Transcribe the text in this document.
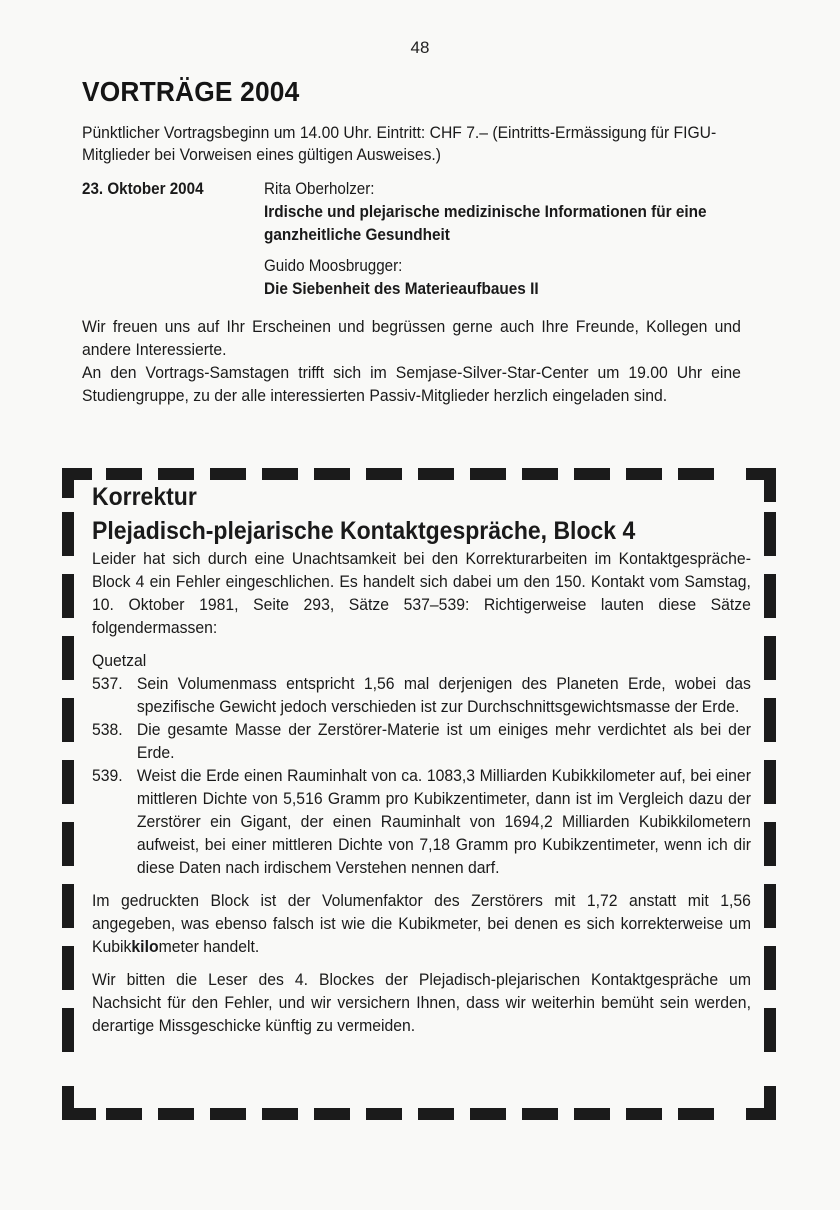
48
VORTRÄGE 2004

Pünktlicher Vortragsbeginn um 14.00 Uhr. Eintritt: CHF 7.– (Eintritts-Ermässigung für FIGU-Mitglieder bei Vorweisen eines gültigen Ausweises.)

23. Oktober 2004	Rita Oberholzer:
Irdische und plejarische medizinische Informationen für eine ganzheitliche Gesundheit
Guido Moosbrugger:
Die Siebenheit des Materieaufbaues II

Wir freuen uns auf Ihr Erscheinen und begrüssen gerne auch Ihre Freunde, Kollegen und andere Interessierte.

An den Vortrags-Samstagen trifft sich im Semjase-Silver-Star-Center um 19.00 Uhr eine Studiengruppe, zu der alle interessierten Passiv-Mitglieder herzlich eingeladen sind.

Korrektur
Plejadisch-plejarische Kontaktgespräche, Block 4

Leider hat sich durch eine Unachtsamkeit bei den Korrekturarbeiten im Kontaktgespräche-Block 4 ein Fehler eingeschlichen. Es handelt sich dabei um den 150. Kontakt vom Samstag, 10. Oktober 1981, Seite 293, Sätze 537–539: Richtigerweise lauten diese Sätze folgendermassen:

Quetzal
537. Sein Volumenmass entspricht 1,56 mal derjenigen des Planeten Erde, wobei das spezifische Gewicht jedoch verschieden ist zur Durchschnittsgewichtsmasse der Erde.
538. Die gesamte Masse der Zerstörer-Materie ist um einiges mehr verdichtet als bei der Erde.
539. Weist die Erde einen Rauminhalt von ca. 1083,3 Milliarden Kubikkilometer auf, bei einer mittleren Dichte von 5,516 Gramm pro Kubikzentimeter, dann ist im Vergleich dazu der Zerstörer ein Gigant, der einen Rauminhalt von 1694,2 Milliarden Kubikkilometern aufweist, bei einer mittleren Dichte von 7,18 Gramm pro Kubikzentimeter, wenn ich dir diese Daten nach irdischem Verstehen nennen darf.

Im gedruckten Block ist der Volumenfaktor des Zerstörers mit 1,72 anstatt mit 1,56 angegeben, was ebenso falsch ist wie die Kubikmeter, bei denen es sich korrekterweise um Kubikkilometer handelt.

Wir bitten die Leser des 4. Blockes der Plejadisch-plejarischen Kontaktgespräche um Nachsicht für den Fehler, und wir versichern Ihnen, dass wir weiterhin bemüht sein werden, derartige Missgeschicke künftig zu vermeiden.
